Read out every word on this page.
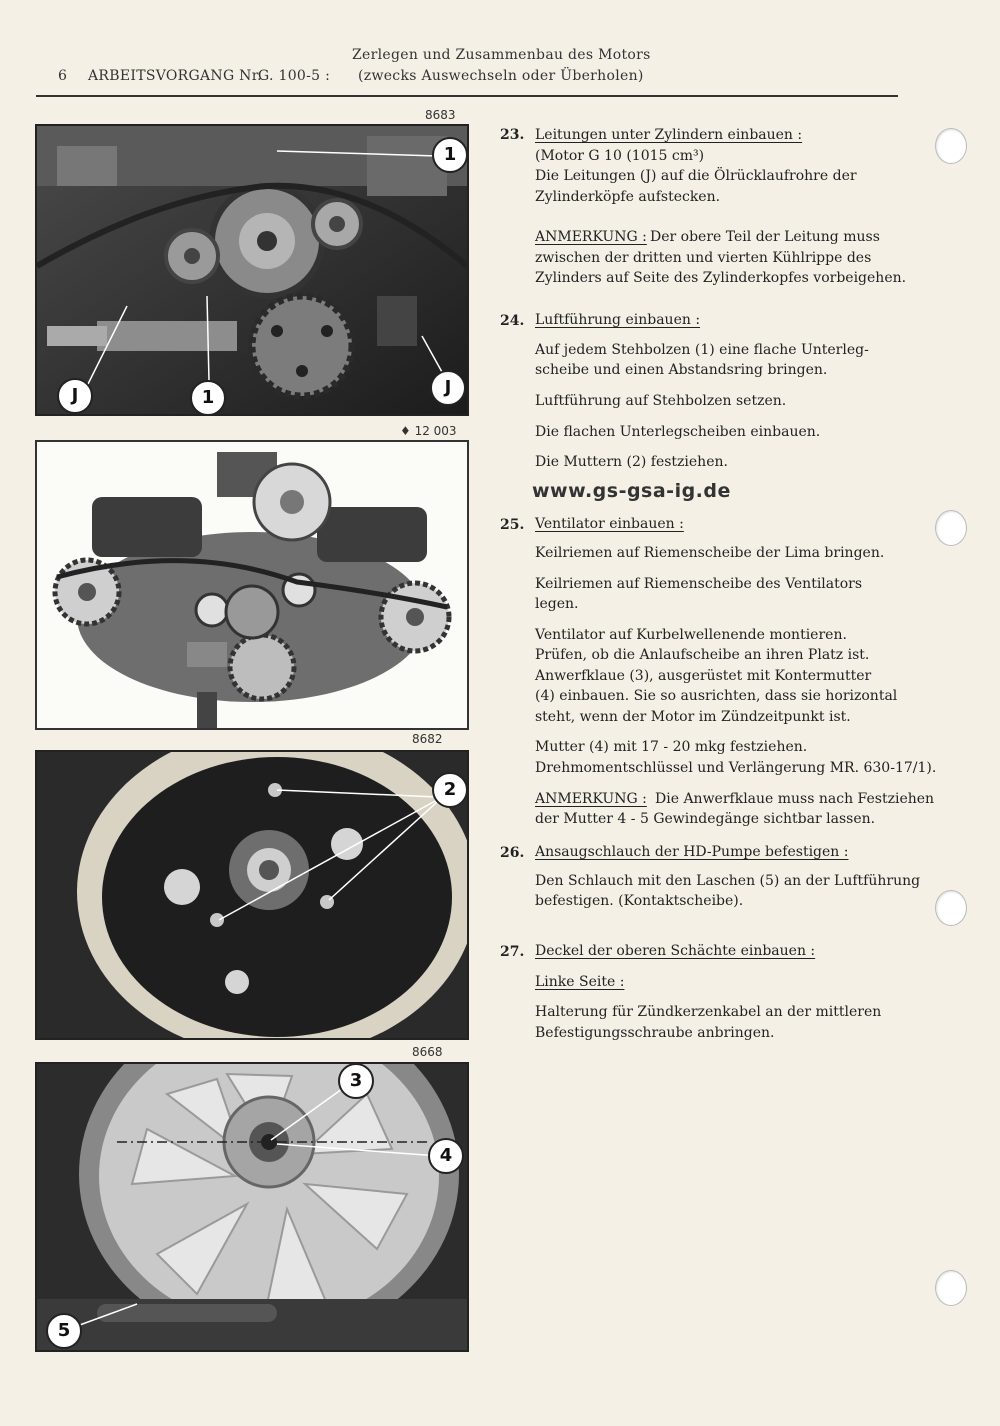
6 ARBEITSVORGANG Nr.
G. 100-5 :
Zerlegen und Zusammenbau des Motors
(zwecks Auswechseln oder Überholen)
8683
1
1
J	J
♦ 12 003
8682
2
8668
3
4
5
23. Leitungen unter Zylindern einbauen :
(Motor G 10 (1015 cm³)
Die Leitungen (J) auf die Ölrücklaufrohre der
Zylinderköpfe aufstecken.
ANMERKUNG : Der obere Teil der Leitung muss
zwischen der dritten und vierten Kühlrippe des
Zylinders auf Seite des Zylinderkopfes vorbeigehen.
24. Luftführung einbauen :
Auf jedem Stehbolzen (1) eine flache Unterleg-
scheibe und einen Abstandsring bringen.
Luftführung auf Stehbolzen setzen.
Die flachen Unterlegscheiben einbauen.
Die Muttern (2) festziehen.
www.gs-gsa-ig.de
25. Ventilator einbauen :
Keilriemen auf Riemenscheibe der Lima bringen.
Keilriemen auf Riemenscheibe des Ventilators
legen.
Ventilator auf Kurbelwellenende montieren.
Prüfen, ob die Anlaufscheibe an ihren Platz ist.
Anwerfklaue (3), ausgerüstet mit Kontermutter
(4) einbauen. Sie so ausrichten, dass sie horizontal
steht, wenn der Motor im Zündzeitpunkt ist.
Mutter (4) mit 17 - 20 mkg festziehen.
Drehmomentschlüssel und Verlängerung MR. 630-17/1).
ANMERKUNG : Die Anwerfklaue muss nach Festziehen
der Mutter 4 - 5 Gewindegänge sichtbar lassen.
26. Ansaugschlauch der HD-Pumpe befestigen :
Den Schlauch mit den Laschen (5) an der Luftführung
befestigen. (Kontaktscheibe).
27. Deckel der oberen Schächte einbauen :
Linke Seite :
Halterung für Zündkerzenkabel an der mittleren
Befestigungsschraube anbringen.
